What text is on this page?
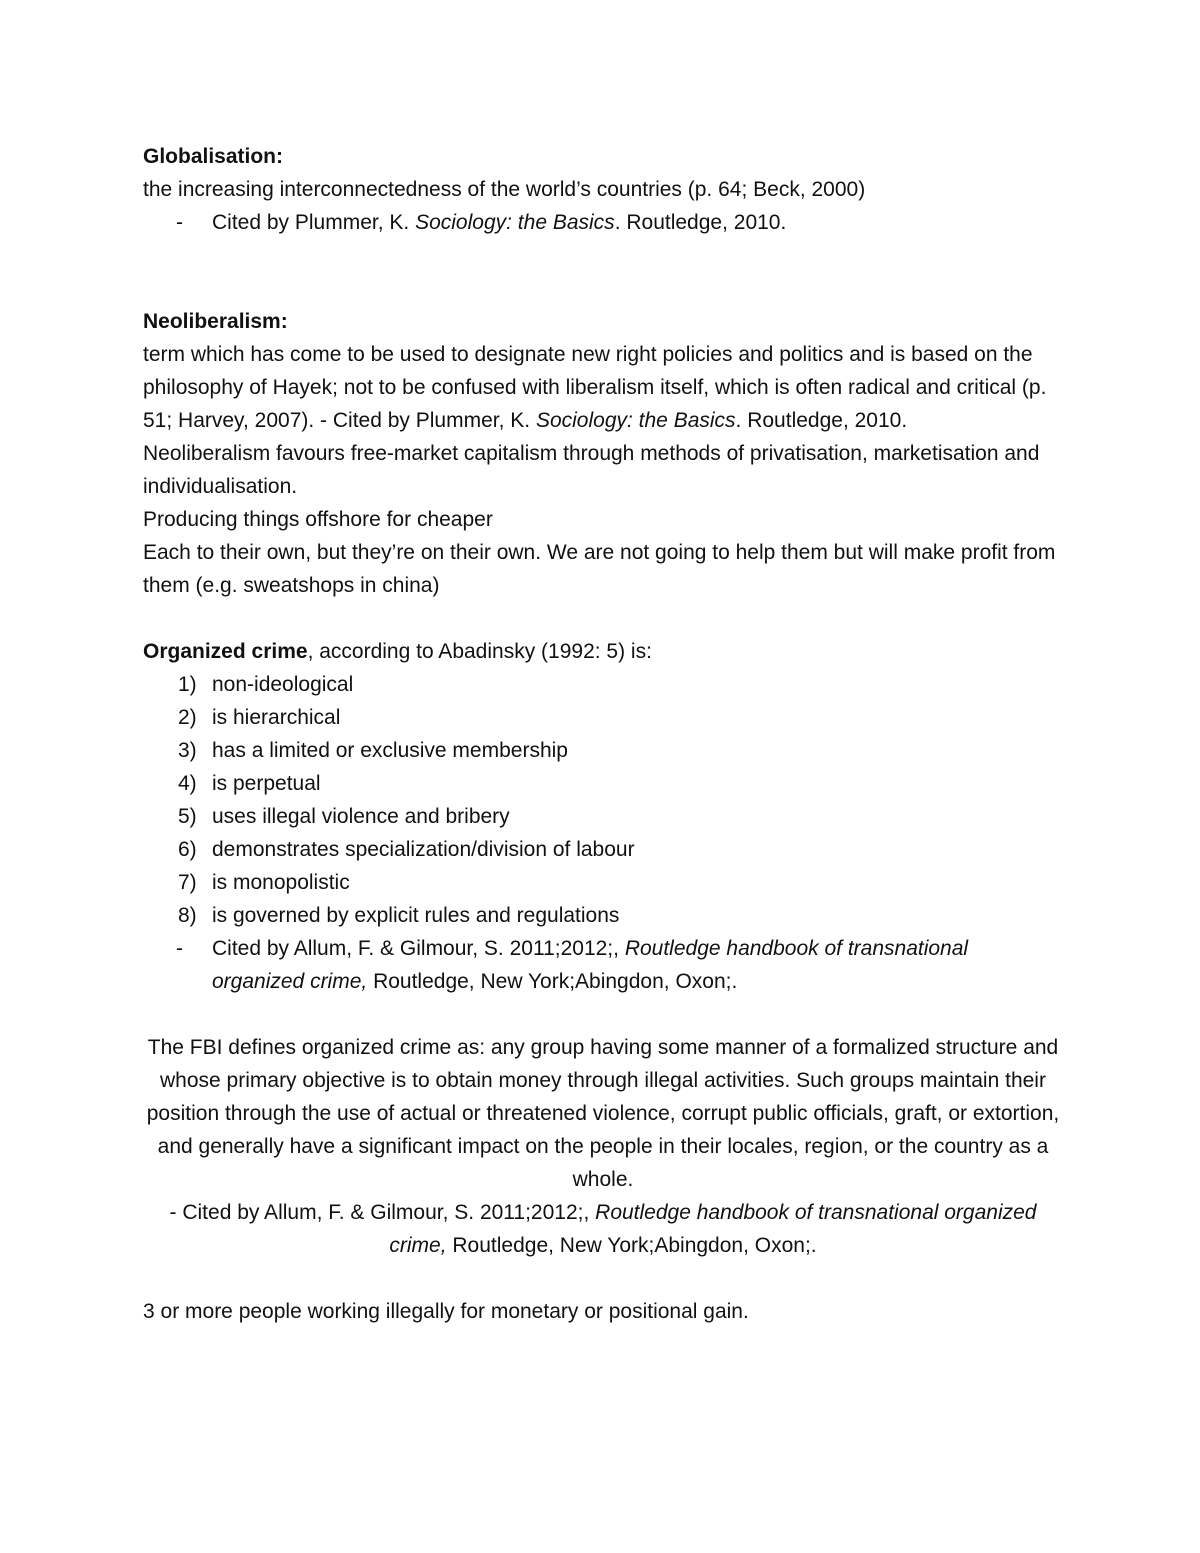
Globalisation:

the increasing interconnectedness of the world’s countries (p. 64; Beck, 2000)

-	Cited by Plummer, K. Sociology: the Basics. Routledge, 2010.

Neoliberalism:

term which has come to be used to designate new right policies and politics and is based on the philosophy of Hayek; not to be confused with liberalism itself, which is often radical and critical (p. 51; Harvey, 2007). - Cited by Plummer, K. Sociology: the Basics. Routledge, 2010.

Neoliberalism favours free-market capitalism through methods of privatisation, marketisation and individualisation.

Producing things offshore for cheaper

Each to their own, but they’re on their own. We are not going to help them but will make profit from them (e.g. sweatshops in china)

Organized crime, according to Abadinsky (1992: 5) is:

1) non-ideological
2) is hierarchical
3) has a limited or exclusive membership
4) is perpetual
5) uses illegal violence and bribery
6) demonstrates specialization/division of labour
7) is monopolistic
8) is governed by explicit rules and regulations
-	Cited by Allum, F. & Gilmour, S. 2011;2012;, Routledge handbook of transnational organized crime, Routledge, New York;Abingdon, Oxon;.

The FBI defines organized crime as: any group having some manner of a formalized structure and whose primary objective is to obtain money through illegal activities. Such groups maintain their position through the use of actual or threatened violence, corrupt public officials, graft, or extortion, and generally have a significant impact on the people in their locales, region, or the country as a whole.

- Cited by Allum, F. & Gilmour, S. 2011;2012;, Routledge handbook of transnational organized crime, Routledge, New York;Abingdon, Oxon;.

3 or more people working illegally for monetary or positional gain.
